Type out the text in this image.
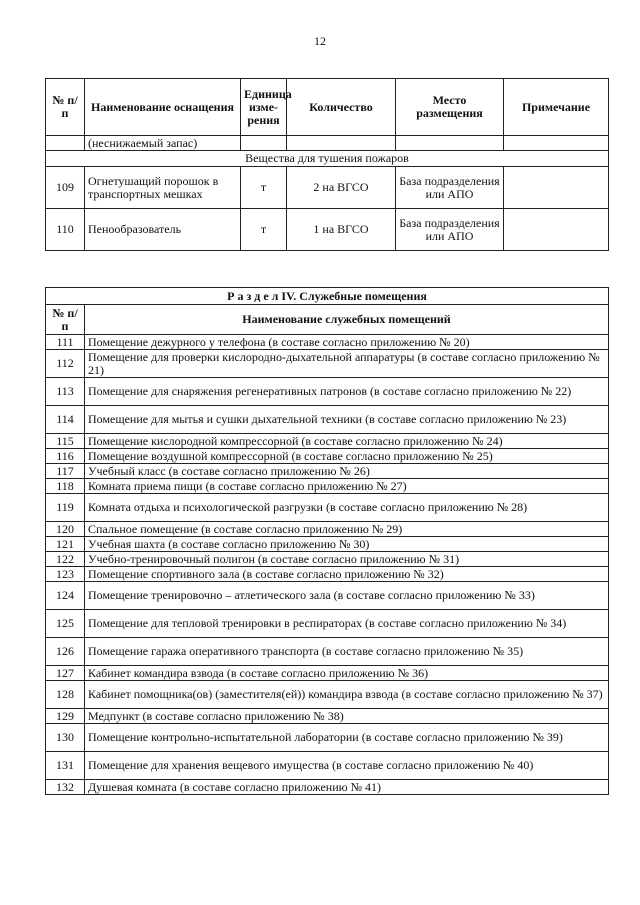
12
№ п/п	Наименование оснащения	Единица изме-рения	Количество	Место размещения	Примечание
	(неснижаемый запас)				
Вещества для тушения пожаров					
109	Огнетушащий порошок в транспортных мешках	т	2 на ВГСО	База подразделения или АПО	
110	Пенообразователь	т	1 на ВГСО	База подразделения или АПО	
Р а з д е л IV. Служебные помещения	
№ п/п	Наименование служебных помещений
111	Помещение дежурного у телефона (в составе согласно приложению № 20)
112	Помещение для проверки кислородно-дыхательной аппаратуры (в составе согласно приложению № 21)
113	Помещение для снаряжения регенеративных патронов (в составе согласно приложению № 22)
114	Помещение для мытья и сушки дыхательной техники (в составе согласно приложению № 23)
115	Помещение кислородной компрессорной (в составе согласно приложению № 24)
116	Помещение воздушной компрессорной (в составе согласно приложению № 25)
117	Учебный класс (в составе согласно приложению № 26)
118	Комната приема пищи (в составе согласно приложению № 27)
119	Комната отдыха и психологической разгрузки (в составе согласно приложению № 28)
120	Спальное помещение (в составе согласно приложению № 29)
121	Учебная шахта (в составе согласно приложению № 30)
122	Учебно-тренировочный полигон (в составе согласно приложению № 31)
123	Помещение спортивного зала (в составе согласно приложению № 32)
124	Помещение тренировочно – атлетического зала (в составе согласно приложению № 33)
125	Помещение для тепловой тренировки в респираторах (в составе согласно приложению № 34)
126	Помещение гаража оперативного транспорта (в составе согласно приложению № 35)
127	Кабинет командира взвода (в составе согласно приложению № 36)
128	Кабинет помощника(ов) (заместителя(ей)) командира взвода (в составе согласно приложению № 37)
129	Медпункт (в составе согласно приложению № 38)
130	Помещение контрольно-испытательной лаборатории (в составе согласно приложению № 39)
131	Помещение для хранения вещевого имущества (в составе согласно приложению № 40)
132	Душевая комната (в составе согласно приложению № 41)
